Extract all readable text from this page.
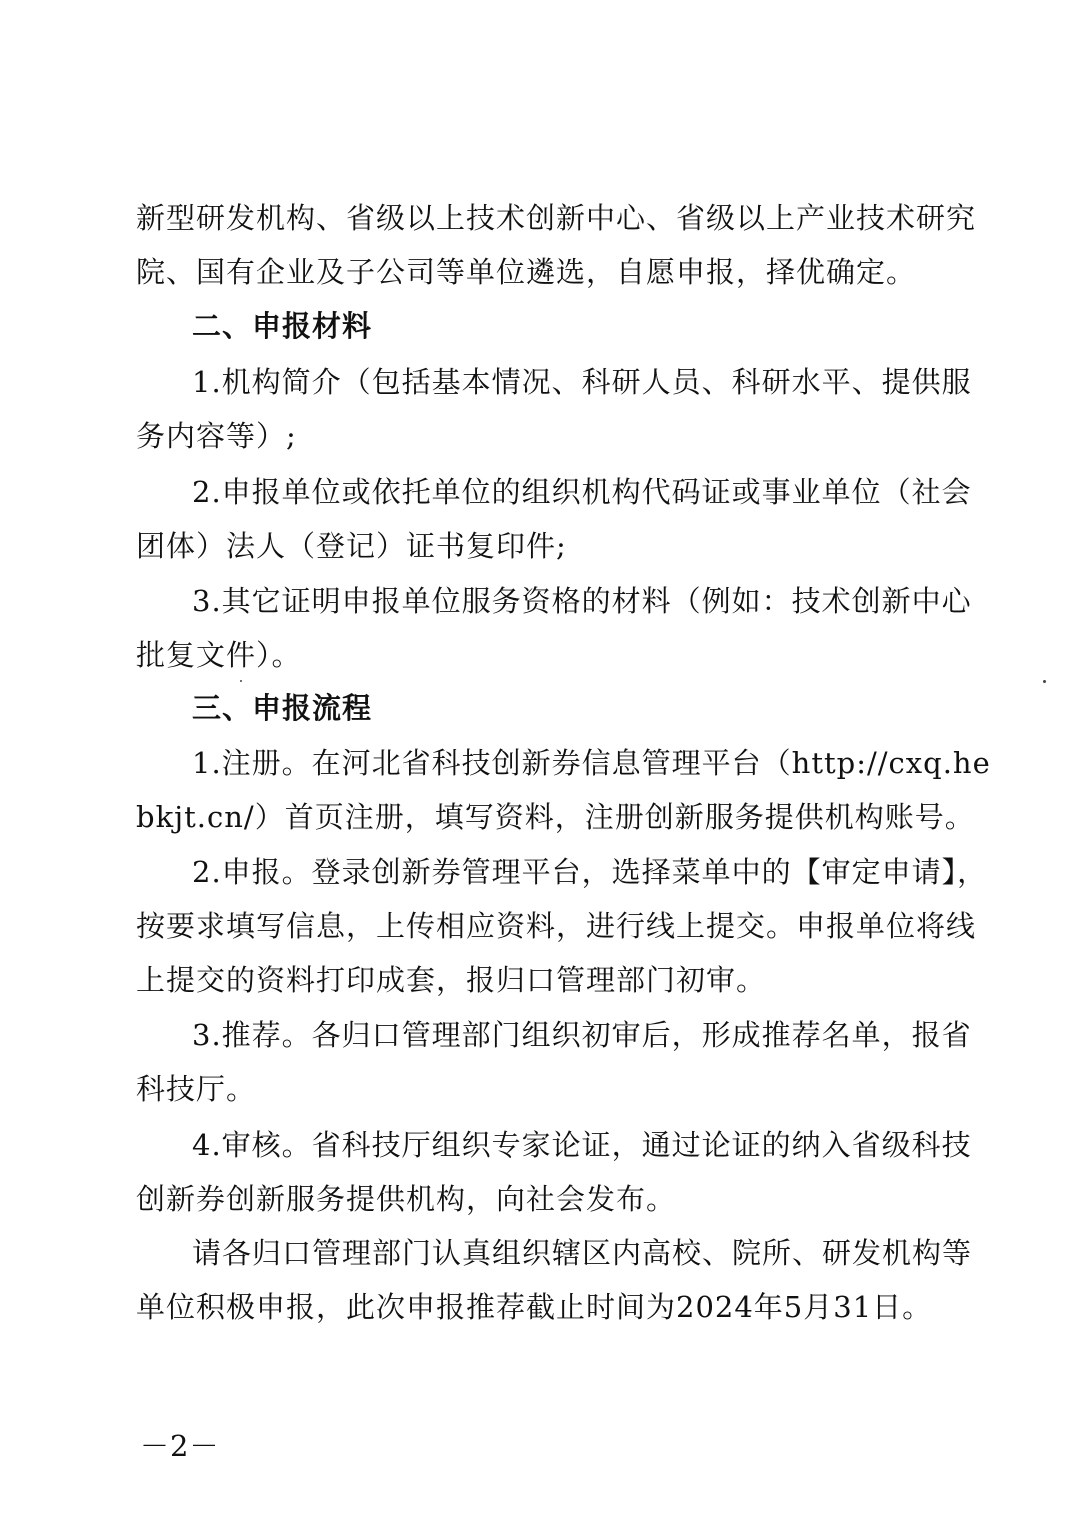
新型研发机构、省级以上技术创新中心、省级以上产业技术研究
院、国有企业及子公司等单位遴选，自愿申报，择优确定。
二、申报材料
1.机构简介（包括基本情况、科研人员、科研水平、提供服
务内容等）;
2.申报单位或依托单位的组织机构代码证或事业单位（社会
团体）法人（登记）证书复印件;
3.其它证明申报单位服务资格的材料（例如：技术创新中心
批复文件）。
三、申报流程
1.注册。在河北省科技创新券信息管理平台（http://cxq.he
bkjt.cn/）首页注册，填写资料，注册创新服务提供机构账号。
2.申报。登录创新券管理平台，选择菜单中的【审定申请】，
按要求填写信息，上传相应资料，进行线上提交。申报单位将线
上提交的资料打印成套，报归口管理部门初审。
3.推荐。各归口管理部门组织初审后，形成推荐名单，报省
科技厅。
4.审核。省科技厅组织专家论证，通过论证的纳入省级科技
创新券创新服务提供机构，向社会发布。
请各归口管理部门认真组织辖区内高校、院所、研发机构等
单位积极申报，此次申报推荐截止时间为2024年5月31日。
－2－
